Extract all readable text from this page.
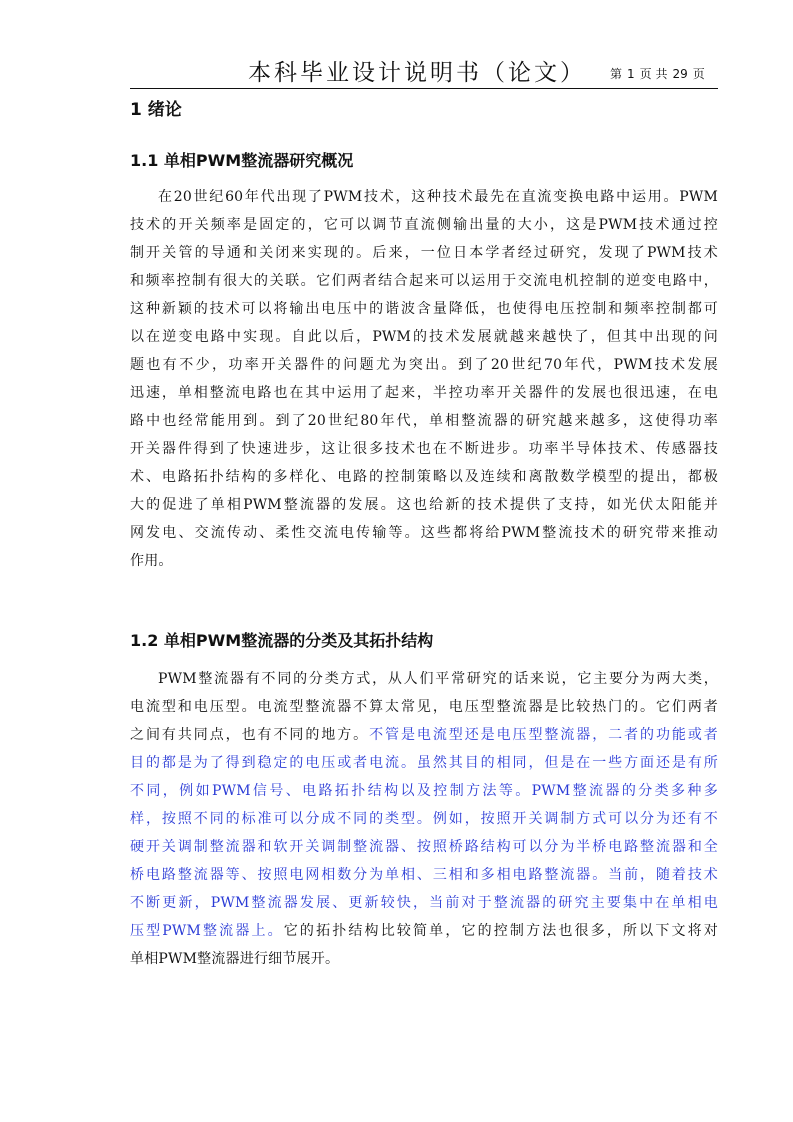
本科毕业设计说明书（论文） 第 1 页 共 29 页
1 绪论
1.1 单相PWM整流器研究概况
在20世纪60年代出现了PWM技术，这种技术最先在直流变换电路中运用。PWM
技术的开关频率是固定的，它可以调节直流侧输出量的大小，这是PWM技术通过控
制开关管的导通和关闭来实现的。后来，一位日本学者经过研究，发现了PWM技术
和频率控制有很大的关联。它们两者结合起来可以运用于交流电机控制的逆变电路中，
这种新颖的技术可以将输出电压中的谐波含量降低，也使得电压控制和频率控制都可
以在逆变电路中实现。自此以后，PWM的技术发展就越来越快了，但其中出现的问
题也有不少，功率开关器件的问题尤为突出。到了20世纪70年代，PWM技术发展
迅速，单相整流电路也在其中运用了起来，半控功率开关器件的发展也很迅速，在电
路中也经常能用到。到了20世纪80年代，单相整流器的研究越来越多，这使得功率
开关器件得到了快速进步，这让很多技术也在不断进步。功率半导体技术、传感器技
术、电路拓扑结构的多样化、电路的控制策略以及连续和离散数学模型的提出，都极
大的促进了单相PWM整流器的发展。这也给新的技术提供了支持，如光伏太阳能并
网发电、交流传动、柔性交流电传输等。这些都将给PWM整流技术的研究带来推动
作用。
1.2 单相PWM整流器的分类及其拓扑结构
PWM整流器有不同的分类方式，从人们平常研究的话来说，它主要分为两大类，
电流型和电压型。电流型整流器不算太常见，电压型整流器是比较热门的。它们两者
之间有共同点，也有不同的地方。不管是电流型还是电压型整流器，二者的功能或者
目的都是为了得到稳定的电压或者电流。虽然其目的相同，但是在一些方面还是有所
不同，例如PWM信号、电路拓扑结构以及控制方法等。PWM整流器的分类多种多
样，按照不同的标准可以分成不同的类型。例如，按照开关调制方式可以分为还有不
硬开关调制整流器和软开关调制整流器、按照桥路结构可以分为半桥电路整流器和全
桥电路整流器等、按照电网相数分为单相、三相和多相电路整流器。当前，随着技术
不断更新，PWM整流器发展、更新较快，当前对于整流器的研究主要集中在单相电
压型PWM整流器上。它的拓扑结构比较简单，它的控制方法也很多，所以下文将对
单相PWM整流器进行细节展开。
